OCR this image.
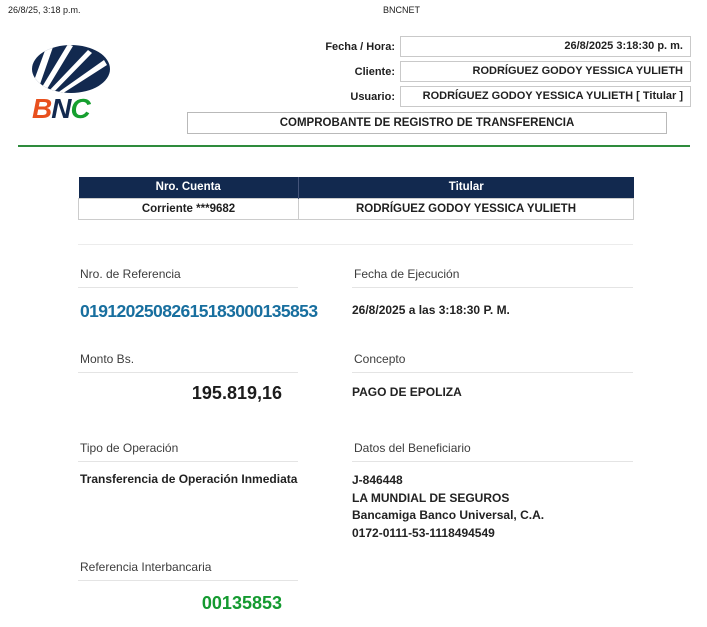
26/8/25, 3:18 p.m.	BNCNET
BNC
Fecha / Hora:	26/8/2025 3:18:30 p. m.
Cliente:	RODRÍGUEZ GODOY YESSICA YULIETH
Usuario:	RODRÍGUEZ GODOY YESSICA YULIETH [ Titular ]
COMPROBANTE DE REGISTRO DE TRANSFERENCIA
Nro. Cuenta	Titular
Corriente ***9682	RODRÍGUEZ GODOY YESSICA YULIETH
Nro. de Referencia	Fecha de Ejecución
01912025082615183000135853	26/8/2025 a las 3:18:30 P. M.
Monto Bs.	Concepto
195.819,16	PAGO DE EPOLIZA
Tipo de Operación	Datos del Beneficiario
Transferencia de Operación Inmediata	J-846448
LA MUNDIAL DE SEGUROS
Bancamiga Banco Universal, C.A.
0172-0111-53-1118494549
Referencia Interbancaria
00135853
